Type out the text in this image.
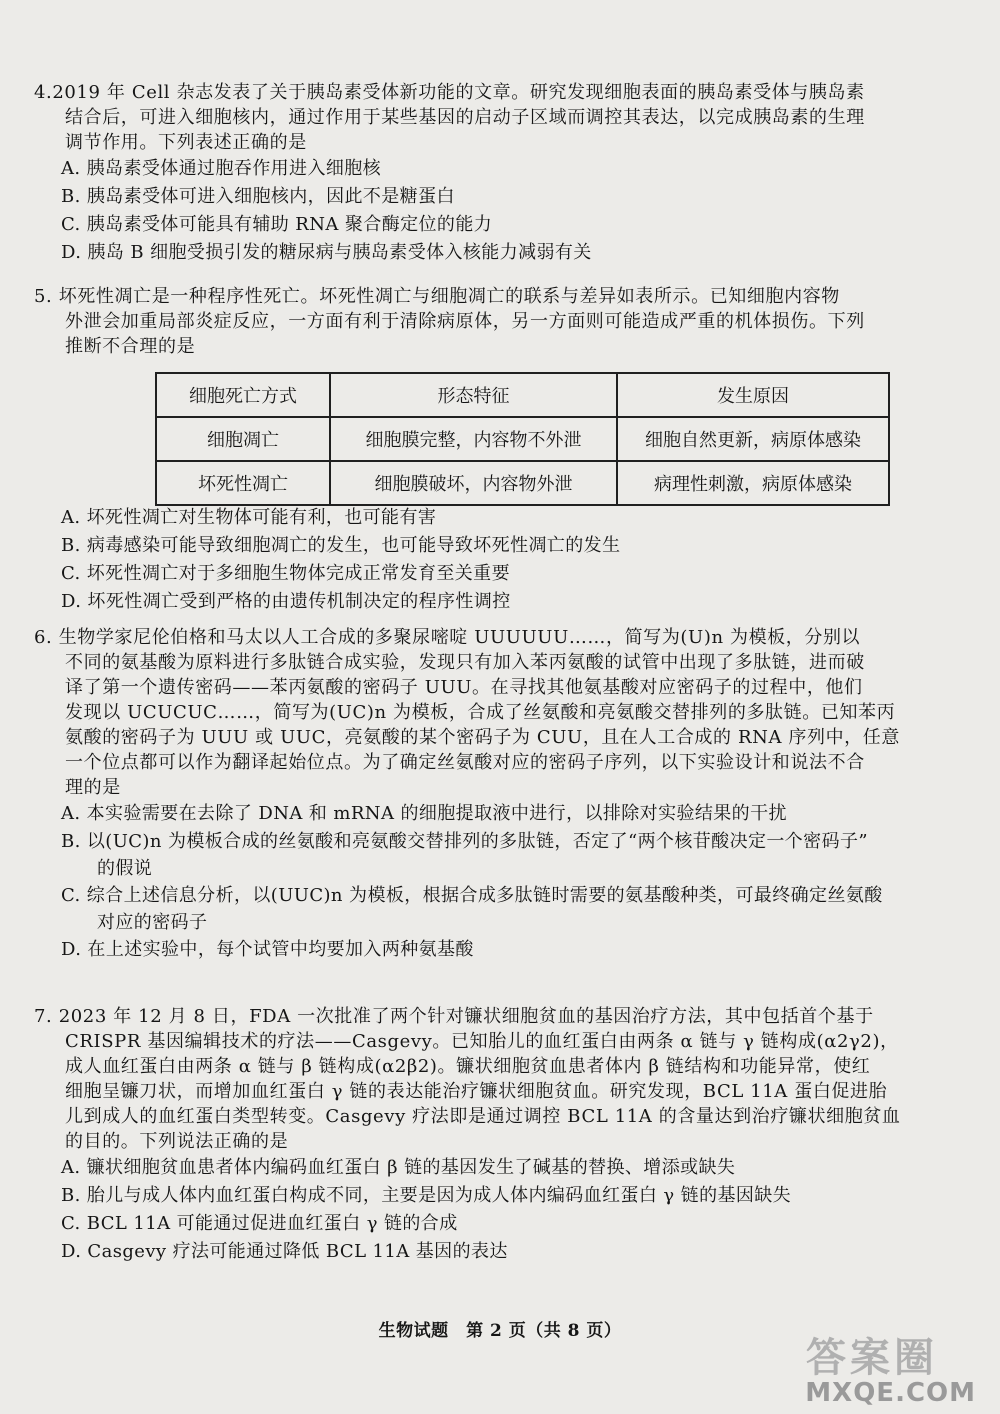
4.2019 年 Cell 杂志发表了关于胰岛素受体新功能的文章。研究发现细胞表面的胰岛素受体与胰岛素
结合后，可进入细胞核内，通过作用于某些基因的启动子区域而调控其表达，以完成胰岛素的生理
调节作用。下列表述正确的是
A. 胰岛素受体通过胞吞作用进入细胞核
B. 胰岛素受体可进入细胞核内，因此不是糖蛋白
C. 胰岛素受体可能具有辅助 RNA 聚合酶定位的能力
D. 胰岛 B 细胞受损引发的糖尿病与胰岛素受体入核能力减弱有关
5. 坏死性凋亡是一种程序性死亡。坏死性凋亡与细胞凋亡的联系与差异如表所示。已知细胞内容物
外泄会加重局部炎症反应，一方面有利于清除病原体，另一方面则可能造成严重的机体损伤。下列
推断不合理的是
细胞死亡方式	形态特征	发生原因
细胞凋亡	细胞膜完整，内容物不外泄	细胞自然更新，病原体感染
坏死性凋亡	细胞膜破坏，内容物外泄	病理性刺激，病原体感染
A. 坏死性凋亡对生物体可能有利，也可能有害
B. 病毒感染可能导致细胞凋亡的发生，也可能导致坏死性凋亡的发生
C. 坏死性凋亡对于多细胞生物体完成正常发育至关重要
D. 坏死性凋亡受到严格的由遗传机制决定的程序性调控
6. 生物学家尼伦伯格和马太以人工合成的多聚尿嘧啶 UUUUUU……，简写为(U)n 为模板，分别以
不同的氨基酸为原料进行多肽链合成实验，发现只有加入苯丙氨酸的试管中出现了多肽链，进而破
译了第一个遗传密码——苯丙氨酸的密码子 UUU。在寻找其他氨基酸对应密码子的过程中，他们
发现以 UCUCUC……，简写为(UC)n 为模板，合成了丝氨酸和亮氨酸交替排列的多肽链。已知苯丙
氨酸的密码子为 UUU 或 UUC，亮氨酸的某个密码子为 CUU，且在人工合成的 RNA 序列中，任意
一个位点都可以作为翻译起始位点。为了确定丝氨酸对应的密码子序列，以下实验设计和说法不合
理的是
A. 本实验需要在去除了 DNA 和 mRNA 的细胞提取液中进行，以排除对实验结果的干扰
B. 以(UC)n 为模板合成的丝氨酸和亮氨酸交替排列的多肽链，否定了“两个核苷酸决定一个密码子”
的假说
C. 综合上述信息分析，以(UUC)n 为模板，根据合成多肽链时需要的氨基酸种类，可最终确定丝氨酸
对应的密码子
D. 在上述实验中，每个试管中均要加入两种氨基酸
7. 2023 年 12 月 8 日，FDA 一次批准了两个针对镰状细胞贫血的基因治疗方法，其中包括首个基于
CRISPR 基因编辑技术的疗法——Casgevy。已知胎儿的血红蛋白由两条 α 链与 γ 链构成(α2γ2)，
成人血红蛋白由两条 α 链与 β 链构成(α2β2)。镰状细胞贫血患者体内 β 链结构和功能异常，使红
细胞呈镰刀状，而增加血红蛋白 γ 链的表达能治疗镰状细胞贫血。研究发现，BCL 11A 蛋白促进胎
儿到成人的血红蛋白类型转变。Casgevy 疗法即是通过调控 BCL 11A 的含量达到治疗镰状细胞贫血
的目的。下列说法正确的是
A. 镰状细胞贫血患者体内编码血红蛋白 β 链的基因发生了碱基的替换、增添或缺失
B. 胎儿与成人体内血红蛋白构成不同，主要是因为成人体内编码血红蛋白 γ 链的基因缺失
C. BCL 11A 可能通过促进血红蛋白 γ 链的合成
D. Casgevy 疗法可能通过降低 BCL 11A 基因的表达
生物试题　第 2 页（共 8 页）
答案圈
MXQE.COM
